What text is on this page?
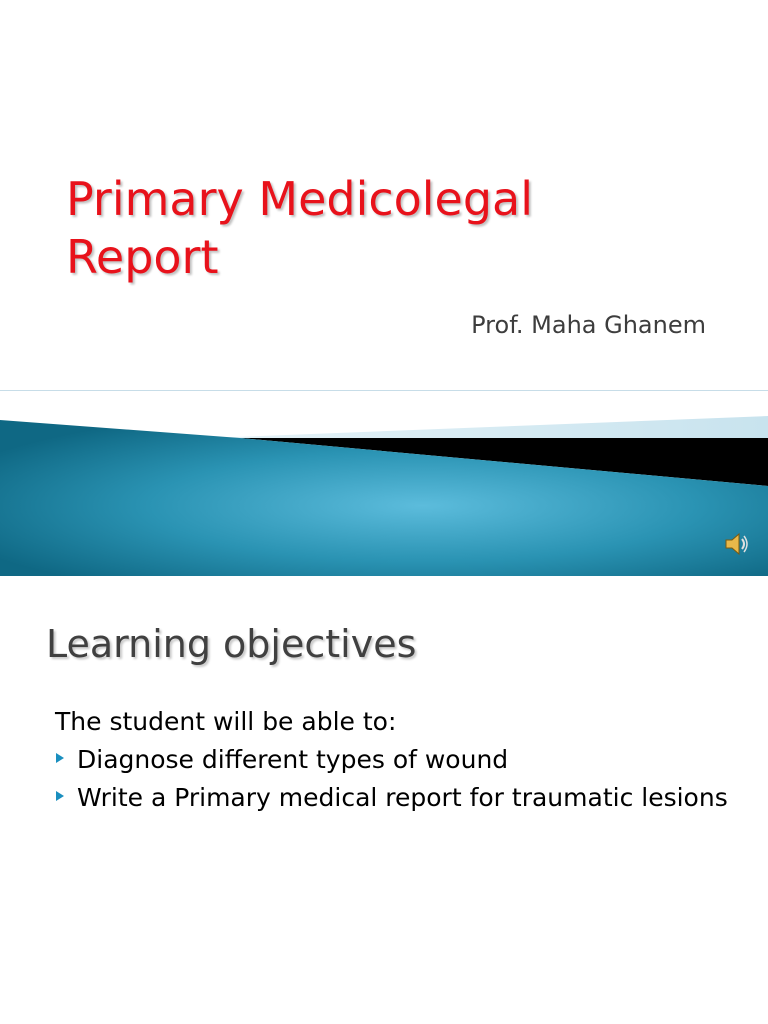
Primary Medicolegal Report

Prof. Maha Ghanem

Learning objectives

The student will be able to:

Diagnose different types of wound
Write a Primary medical report for traumatic lesions
